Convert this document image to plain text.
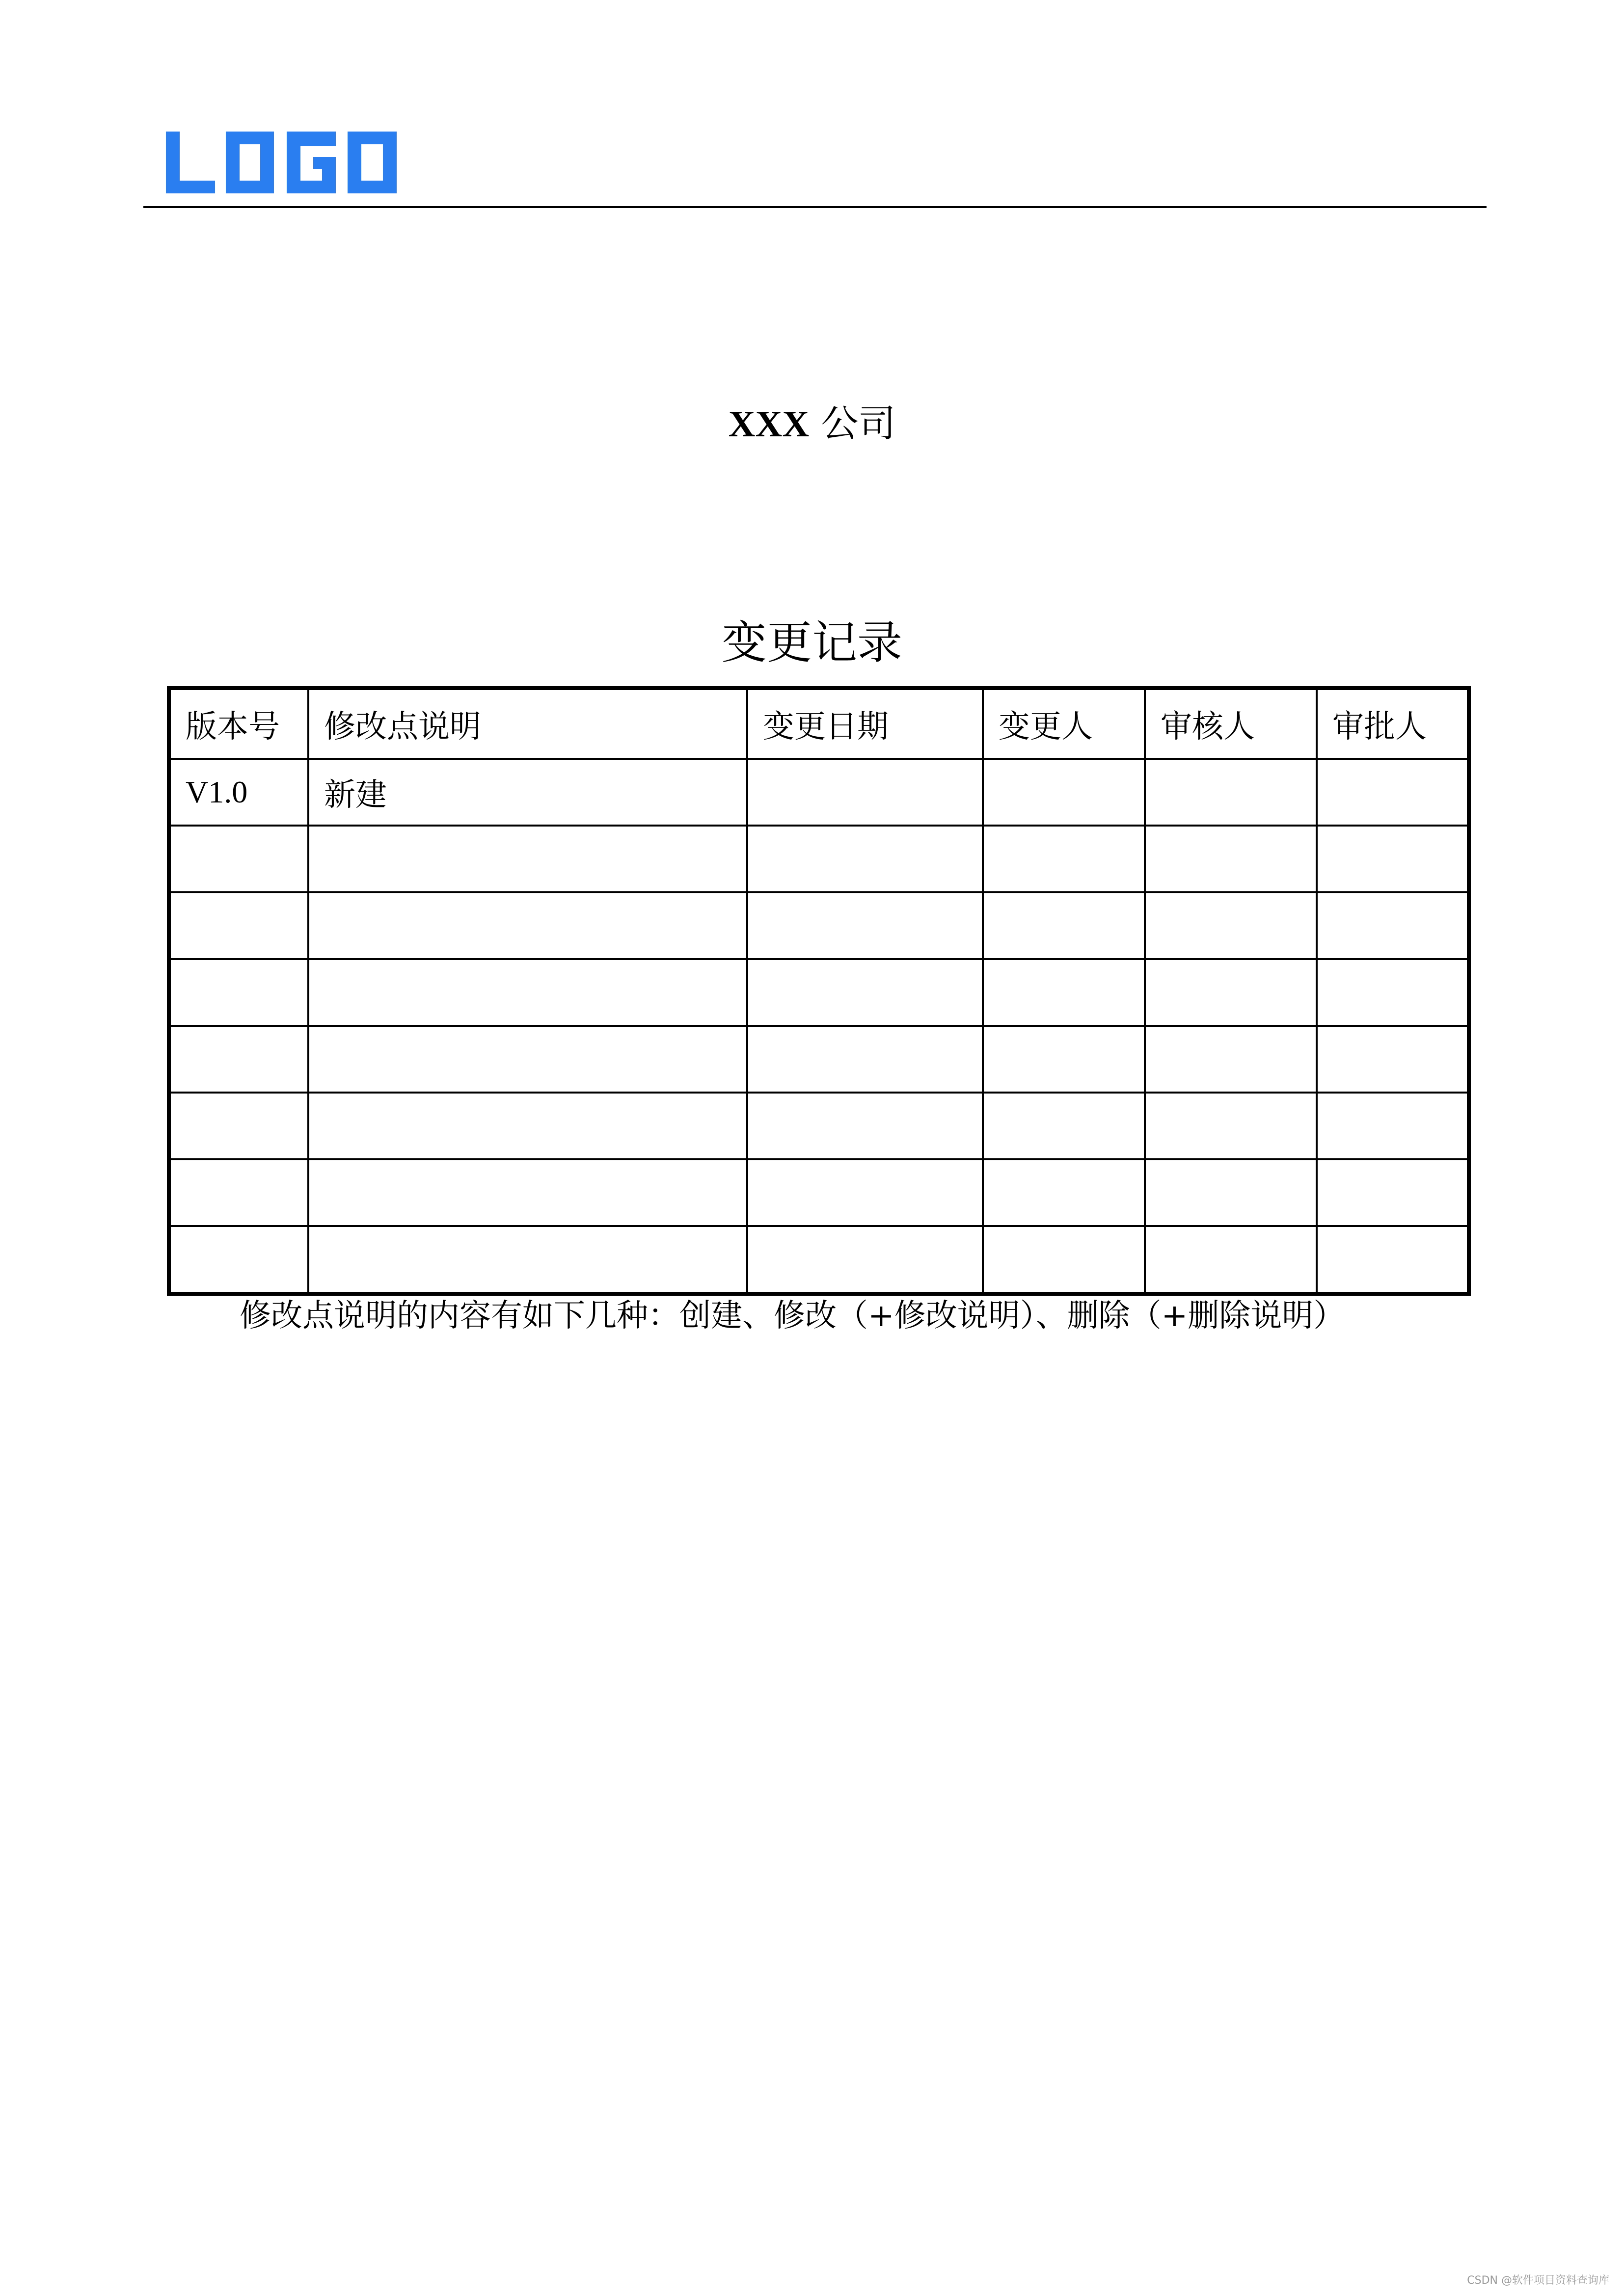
XXX 公司
变更记录
版本号	修改点说明	变更日期	变更人	审核人	审批人
V1.0	新建				

修改点说明的内容有如下几种：创建、修改（+修改说明）、删除（+删除说明）
CSDN @软件项目资料查询库
